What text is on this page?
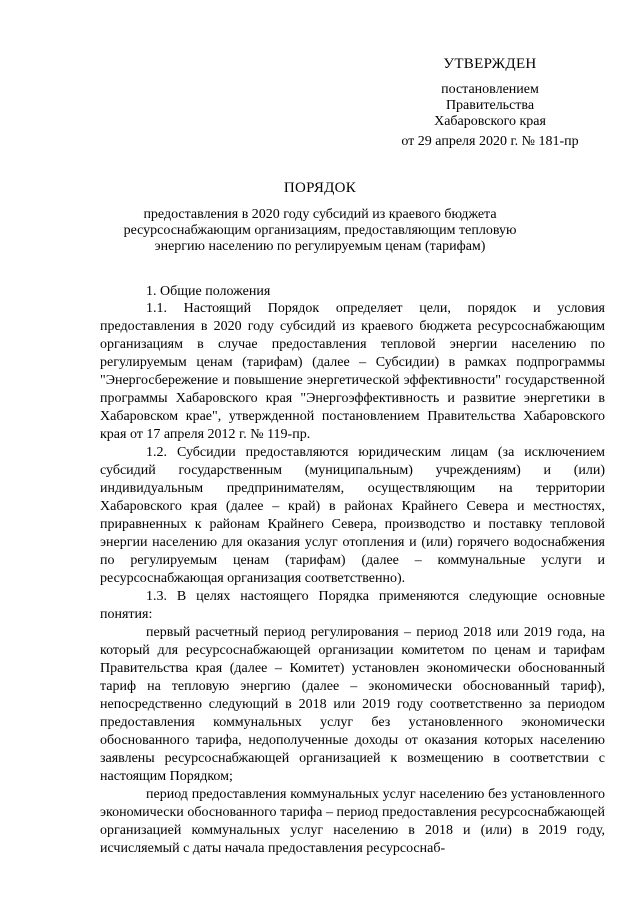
УТВЕРЖДЕН
постановлением
Правительства
Хабаровского края
от 29 апреля 2020 г. № 181-пр
ПОРЯДОК
предоставления в 2020 году субсидий из краевого бюджета ресурсоснабжающим организациям, предоставляющим тепловую энергию населению по регулируемым ценам (тарифам)
1. Общие положения

1.1. Настоящий Порядок определяет цели, порядок и условия предоставления в 2020 году субсидий из краевого бюджета ресурсоснабжающим организациям в случае предоставления тепловой энергии населению по регулируемым ценам (тарифам) (далее – Субсидии) в рамках подпрограммы "Энергосбережение и повышение энергетической эффективности" государственной программы Хабаровского края "Энергоэффективность и развитие энергетики в Хабаровском крае", утвержденной постановлением Правительства Хабаровского края от 17 апреля 2012 г. № 119-пр.

1.2. Субсидии предоставляются юридическим лицам (за исключением субсидий государственным (муниципальным) учреждениям) и (или) индивидуальным предпринимателям, осуществляющим на территории Хабаровского края (далее – край) в районах Крайнего Севера и местностях, приравненных к районам Крайнего Севера, производство и поставку тепловой энергии населению для оказания услуг отопления и (или) горячего водоснабжения по регулируемым ценам (тарифам) (далее – коммунальные услуги и ресурсоснабжающая организация соответственно).

1.3. В целях настоящего Порядка применяются следующие основные понятия:

первый расчетный период регулирования – период 2018 или 2019 года, на который для ресурсоснабжающей организации комитетом по ценам и тарифам Правительства края (далее – Комитет) установлен экономически обоснованный тариф на тепловую энергию (далее – экономически обоснованный тариф), непосредственно следующий в 2018 или 2019 году соответственно за периодом предоставления коммунальных услуг без установленного экономически обоснованного тарифа, недополученные доходы от оказания которых населению заявлены ресурсоснабжающей организацией к возмещению в соответствии с настоящим Порядком;

период предоставления коммунальных услуг населению без установленного экономически обоснованного тарифа – период предоставления ресурсоснабжающей организацией коммунальных услуг населению в 2018 и (или) в 2019 году, исчисляемый с даты начала предоставления ресурсоснаб-
